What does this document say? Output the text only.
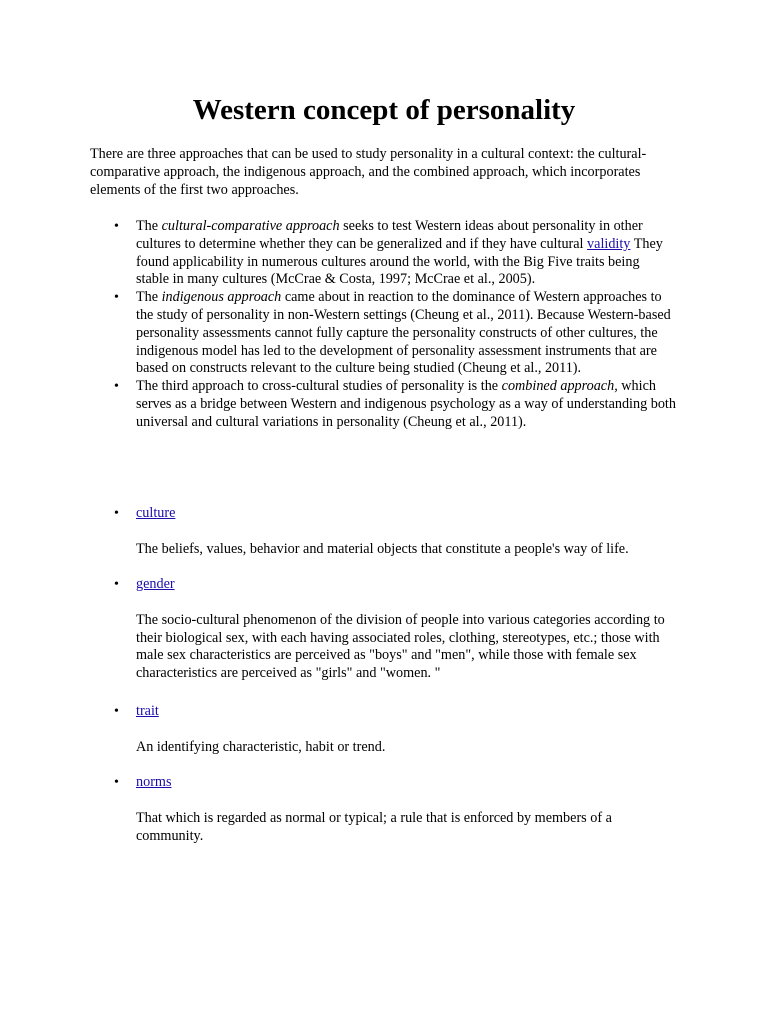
Western concept of personality

There are three approaches that can be used to study personality in a cultural context: the cultural-comparative approach, the indigenous approach, and the combined approach, which incorporates elements of the first two approaches.

• The cultural-comparative approach seeks to test Western ideas about personality in other cultures to determine whether they can be generalized and if they have cultural validity They found applicability in numerous cultures around the world, with the Big Five traits being stable in many cultures (McCrae & Costa, 1997; McCrae et al., 2005).
• The indigenous approach came about in reaction to the dominance of Western approaches to the study of personality in non-Western settings (Cheung et al., 2011). Because Western-based personality assessments cannot fully capture the personality constructs of other cultures, the indigenous model has led to the development of personality assessment instruments that are based on constructs relevant to the culture being studied (Cheung et al., 2011).
• The third approach to cross-cultural studies of personality is the combined approach, which serves as a bridge between Western and indigenous psychology as a way of understanding both universal and cultural variations in personality (Cheung et al., 2011).
• culture

The beliefs, values, behavior and material objects that constitute a people's way of life.

• gender

The socio-cultural phenomenon of the division of people into various categories according to their biological sex, with each having associated roles, clothing, stereotypes, etc.; those with male sex characteristics are perceived as "boys" and "men", while those with female sex characteristics are perceived as "girls" and "women. "

• trait

An identifying characteristic, habit or trend.

• norms

That which is regarded as normal or typical; a rule that is enforced by members of a community.
